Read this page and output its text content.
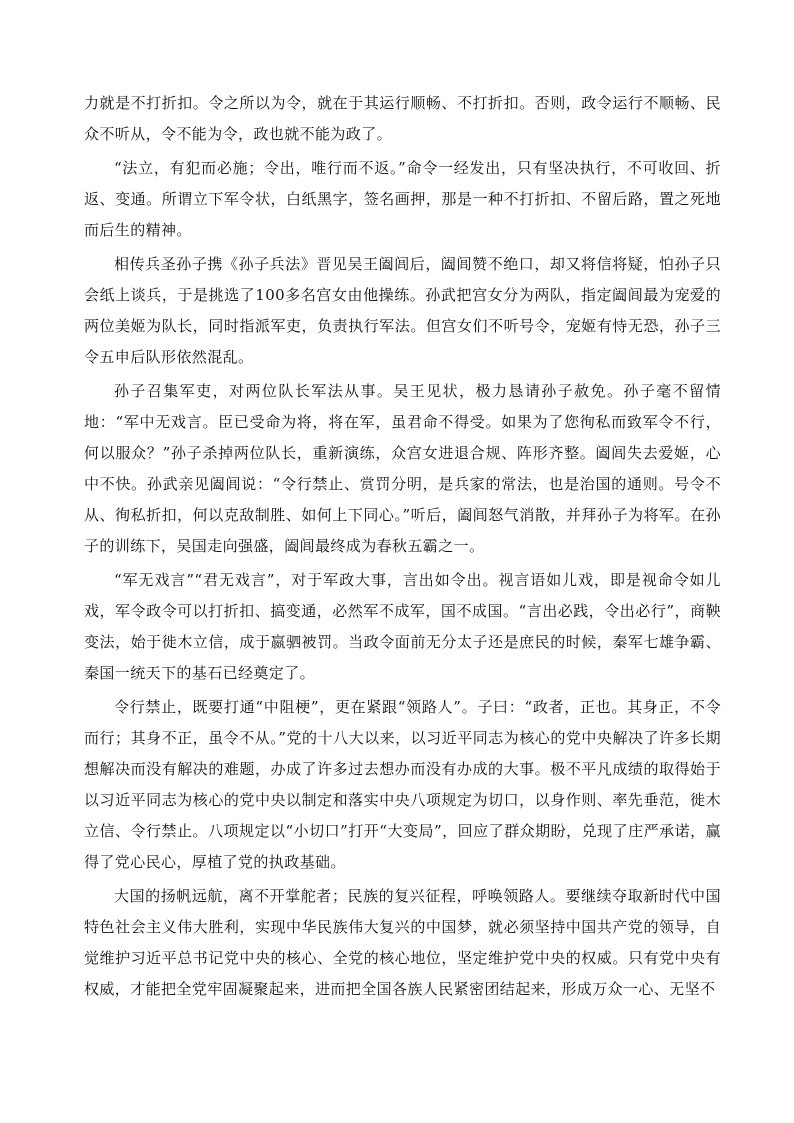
力就是不打折扣。令之所以为令，就在于其运行顺畅、不打折扣。否则，政令运行不顺畅、民众不听从，令不能为令，政也就不能为政了。

“法立，有犯而必施；令出，唯行而不返。”命令一经发出，只有坚决执行，不可收回、折返、变通。所谓立下军令状，白纸黑字，签名画押，那是一种不打折扣、不留后路，置之死地而后生的精神。

相传兵圣孙子携《孙子兵法》晋见吴王阖闾后，阖闾赞不绝口，却又将信将疑，怕孙子只会纸上谈兵，于是挑选了100多名宫女由他操练。孙武把宫女分为两队，指定阖闾最为宠爱的两位美姬为队长，同时指派军吏，负责执行军法。但宫女们不听号令，宠姬有恃无恐，孙子三令五申后队形依然混乱。

孙子召集军吏，对两位队长军法从事。吴王见状，极力恳请孙子赦免。孙子毫不留情地：“军中无戏言。臣已受命为将，将在军，虽君命不得受。如果为了您徇私而致军令不行，何以服众？”孙子杀掉两位队长，重新演练，众宫女进退合规、阵形齐整。阖闾失去爱姬，心中不快。孙武亲见阖闾说：“令行禁止、赏罚分明，是兵家的常法，也是治国的通则。号令不从、徇私折扣，何以克敌制胜、如何上下同心。”听后，阖闾怒气消散，并拜孙子为将军。在孙子的训练下，吴国走向强盛，阖闾最终成为春秋五霸之一。

“军无戏言”“君无戏言”，对于军政大事，言出如令出。视言语如儿戏，即是视命令如儿戏，军令政令可以打折扣、搞变通，必然军不成军，国不成国。“言出必践，令出必行”，商鞅变法，始于徙木立信，成于嬴驷被罚。当政令面前无分太子还是庶民的时候，秦军七雄争霸、秦国一统天下的基石已经奠定了。

令行禁止，既要打通“中阻梗”，更在紧跟“领路人”。子曰：“政者，正也。其身正，不令而行；其身不正，虽令不从。”党的十八大以来，以习近平同志为核心的党中央解决了许多长期想解决而没有解决的难题，办成了许多过去想办而没有办成的大事。极不平凡成绩的取得始于以习近平同志为核心的党中央以制定和落实中央八项规定为切口，以身作则、率先垂范，徙木立信、令行禁止。八项规定以“小切口”打开“大变局”，回应了群众期盼，兑现了庄严承诺，赢得了党心民心，厚植了党的执政基础。

大国的扬帆远航，离不开掌舵者；民族的复兴征程，呼唤领路人。要继续夺取新时代中国特色社会主义伟大胜利，实现中华民族伟大复兴的中国梦，就必须坚持中国共产党的领导，自觉维护习近平总书记党中央的核心、全党的核心地位，坚定维护党中央的权威。只有党中央有权威，才能把全党牢固凝聚起来，进而把全国各族人民紧密团结起来，形成万众一心、无坚不
